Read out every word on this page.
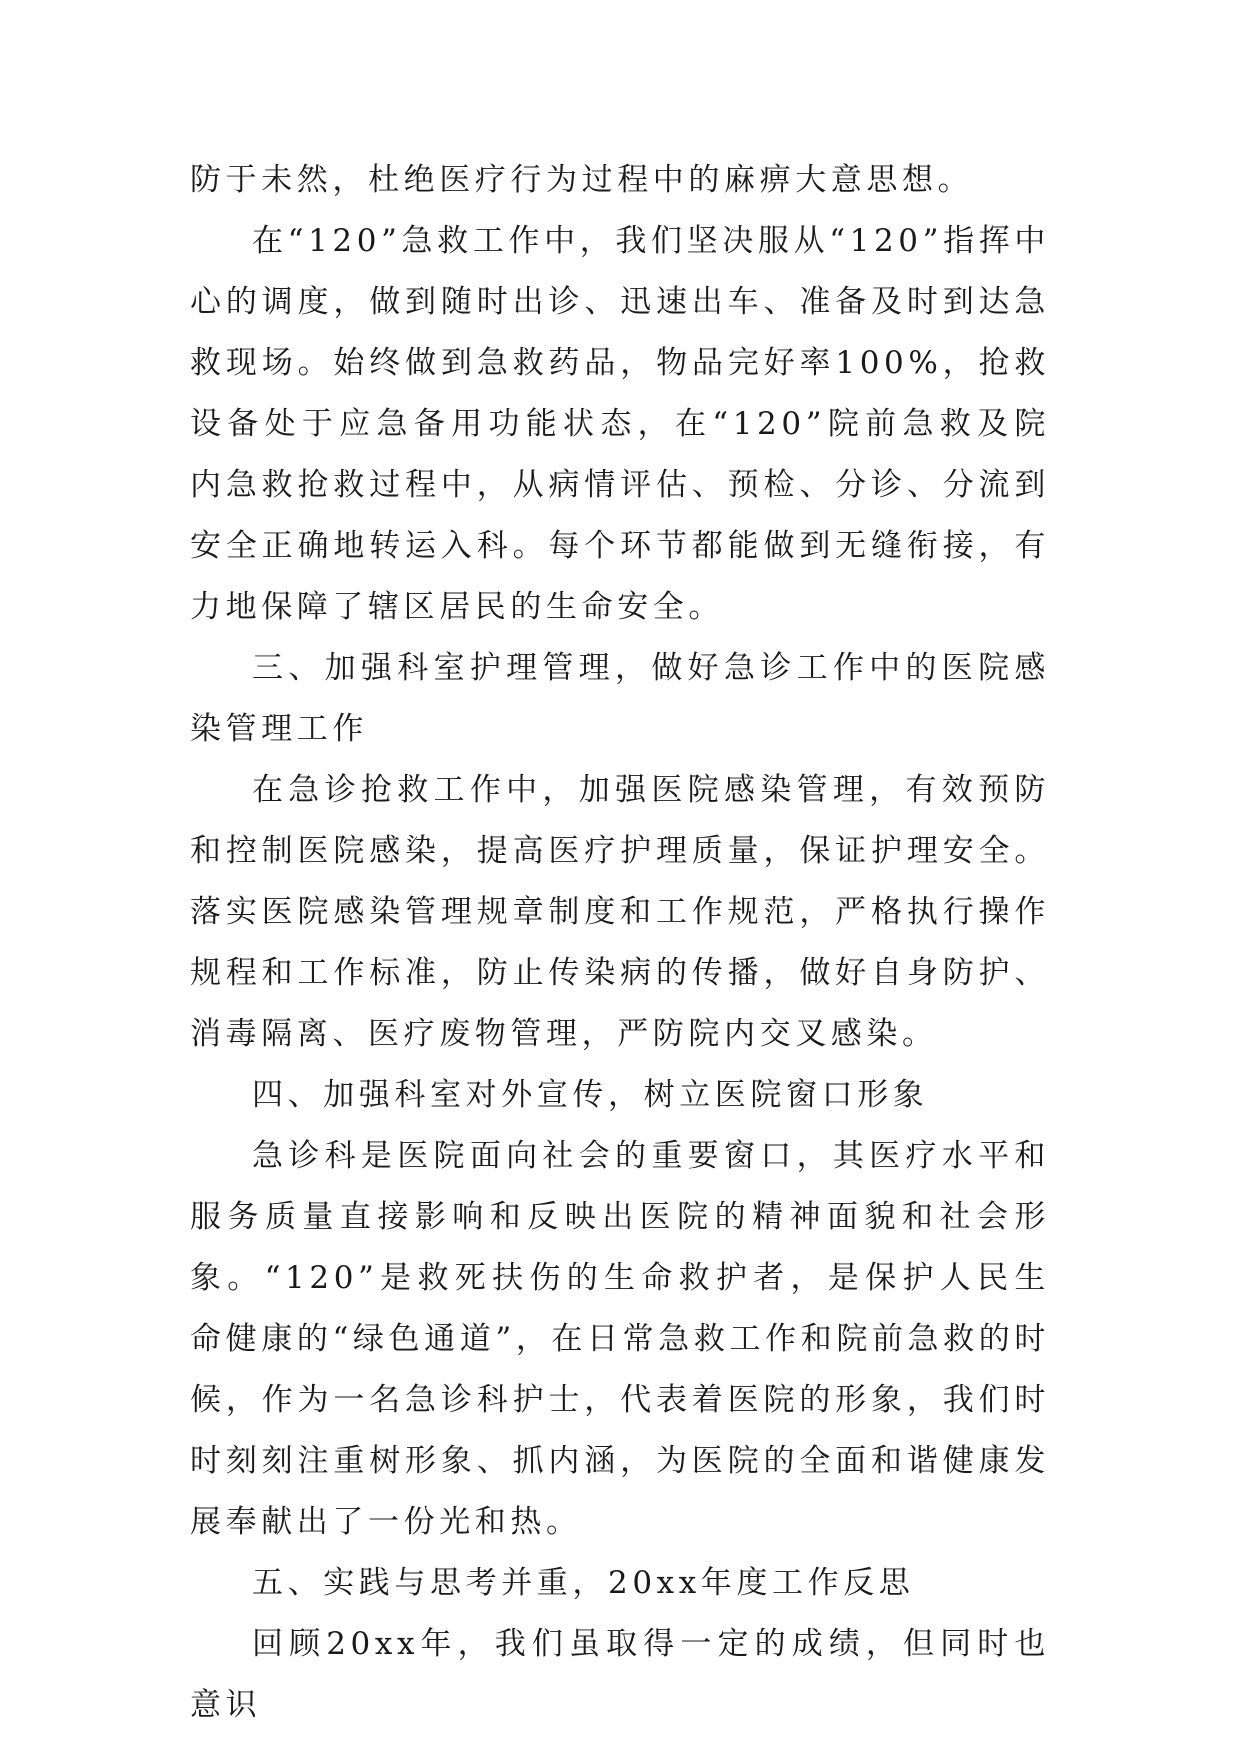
防于未然，杜绝医疗行为过程中的麻痹大意思想。

在“120”急救工作中，我们坚决服从“120”指挥中心的调度，做到随时出诊、迅速出车、准备及时到达急救现场。始终做到急救药品，物品完好率100%，抢救设备处于应急备用功能状态，在“120”院前急救及院内急救抢救过程中，从病情评估、预检、分诊、分流到安全正确地转运入科。每个环节都能做到无缝衔接，有力地保障了辖区居民的生命安全。

三、加强科室护理管理，做好急诊工作中的医院感染管理工作

在急诊抢救工作中，加强医院感染管理，有效预防和控制医院感染，提高医疗护理质量，保证护理安全。落实医院感染管理规章制度和工作规范，严格执行操作规程和工作标准，防止传染病的传播，做好自身防护、消毒隔离、医疗废物管理，严防院内交叉感染。

四、加强科室对外宣传，树立医院窗口形象

急诊科是医院面向社会的重要窗口，其医疗水平和服务质量直接影响和反映出医院的精神面貌和社会形象。“120”是救死扶伤的生命救护者，是保护人民生命健康的“绿色通道”，在日常急救工作和院前急救的时候，作为一名急诊科护士，代表着医院的形象，我们时时刻刻注重树形象、抓内涵，为医院的全面和谐健康发展奉献出了一份光和热。

五、实践与思考并重，20xx年度工作反思

回顾20xx年，我们虽取得一定的成绩，但同时也意识
